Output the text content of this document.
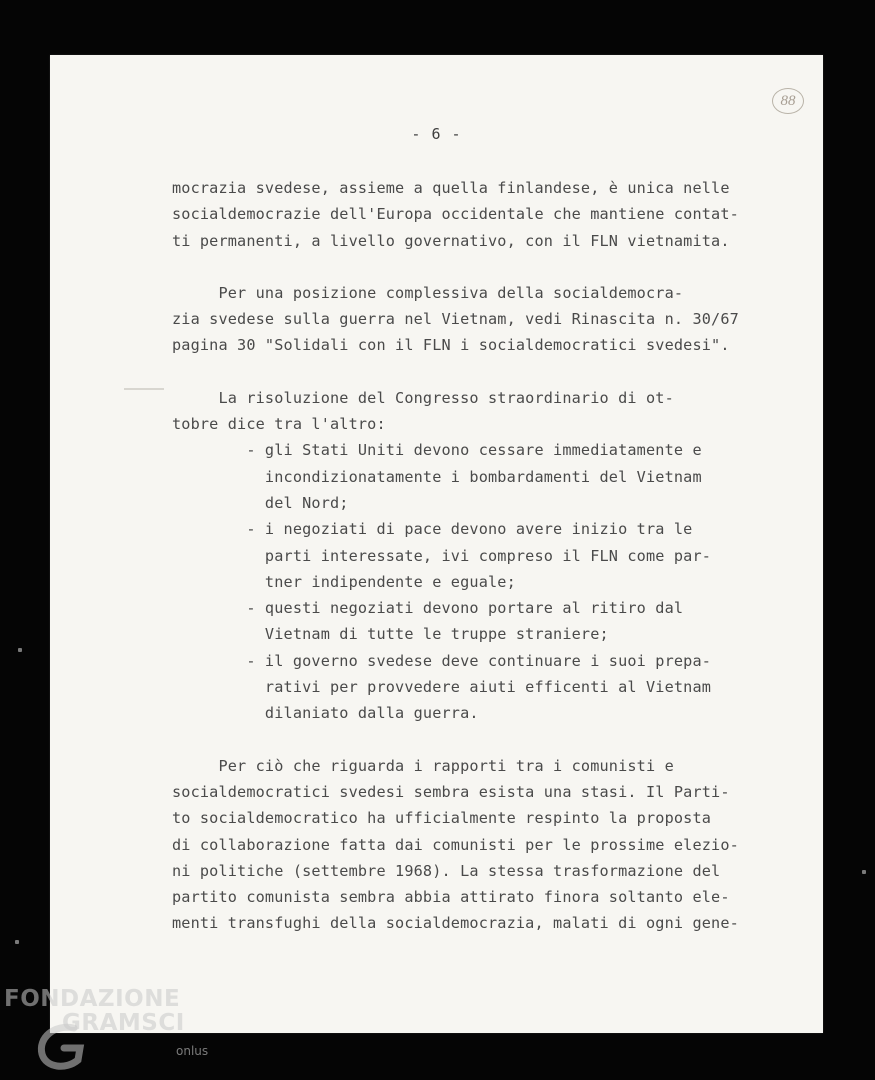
88
- 6 -

mocrazia svedese, assieme a quella finlandese, è unica nelle
socialdemocrazie dell'Europa occidentale che mantiene contat-
ti permanenti, a livello governativo, con il FLN vietnamita.

Per una posizione complessiva della socialdemocra-
zia svedese sulla guerra nel Vietnam, vedi Rinascita n. 30/67
pagina 30 "Solidali con il FLN i socialdemocratici svedesi".

La risoluzione del Congresso straordinario di ot-
tobre dice tra l'altro:

- gli Stati Uniti devono cessare immediatamente e
incondizionatamente i bombardamenti del Vietnam
del Nord;
- i negoziati di pace devono avere inizio tra le
parti interessate, ivi compreso il FLN come par-
tner indipendente e eguale;
- questi negoziati devono portare al ritiro dal
Vietnam di tutte le truppe straniere;
- il governo svedese deve continuare i suoi prepa-
rativi per provvedere aiuti efficenti al Vietnam
dilaniato dalla guerra.

Per ciò che riguarda i rapporti tra i comunisti e
socialdemocratici svedesi sembra esista una stasi. Il Parti-
to socialdemocratico ha ufficialmente respinto la proposta
di collaborazione fatta dai comunisti per le prossime elezio-
ni politiche (settembre 1968). La stessa trasformazione del
partito comunista sembra abbia attirato finora soltanto ele-
menti transfughi della socialdemocrazia, malati di ogni gene-

FONDAZIONE
GRAMSCI
onlus
